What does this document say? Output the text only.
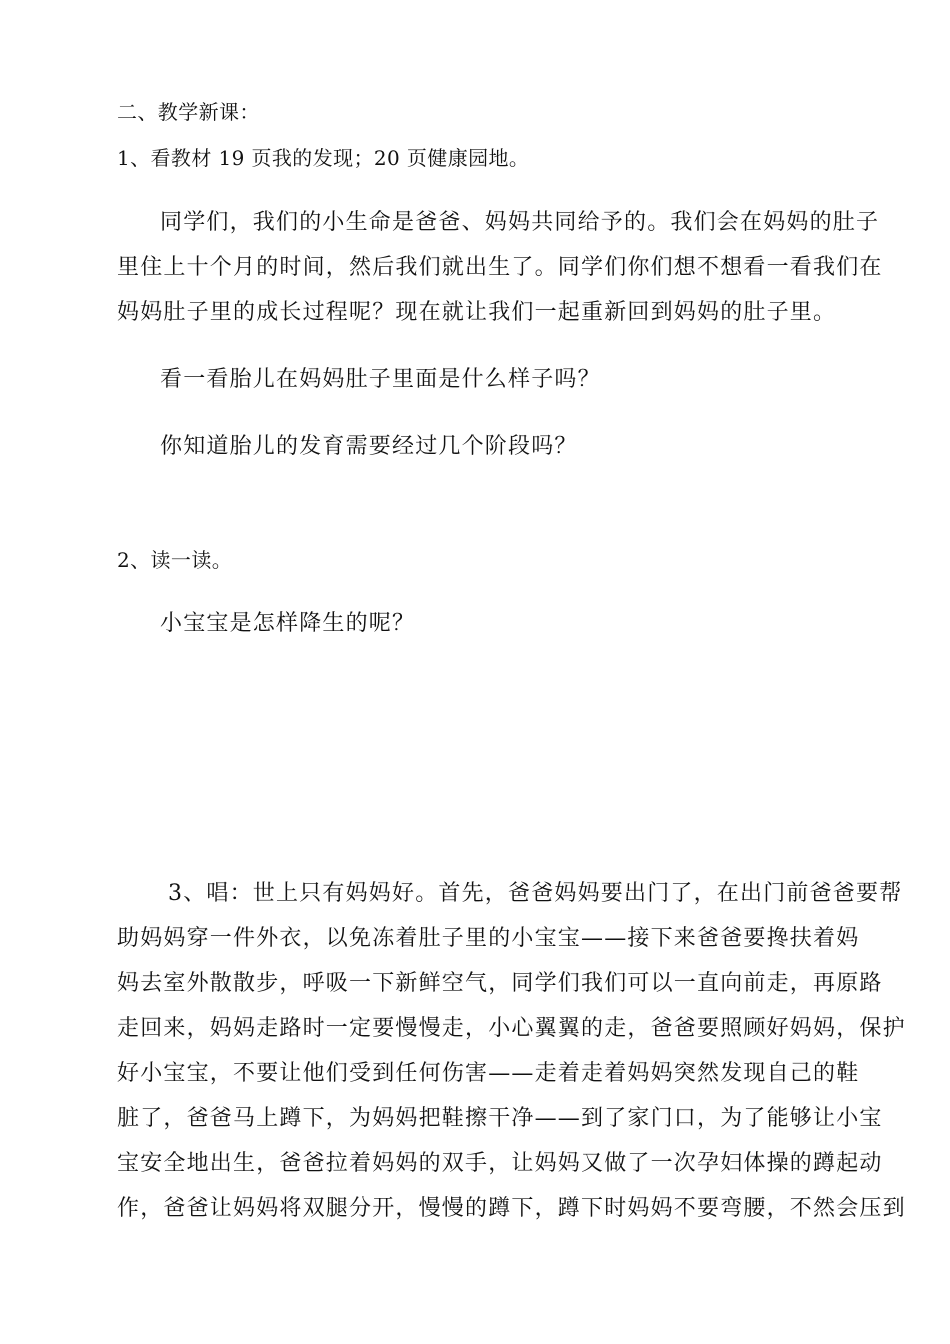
二、教学新课：
1、看教材 19 页我的发现；20 页健康园地。
同学们，我们的小生命是爸爸、妈妈共同给予的。我们会在妈妈的肚子
里住上十个月的时间，然后我们就出生了。同学们你们想不想看一看我们在
妈妈肚子里的成长过程呢？现在就让我们一起重新回到妈妈的肚子里。
看一看胎儿在妈妈肚子里面是什么样子吗？
你知道胎儿的发育需要经过几个阶段吗？
2、读一读。
小宝宝是怎样降生的呢？
3、唱：世上只有妈妈好。首先，爸爸妈妈要出门了，在出门前爸爸要帮
助妈妈穿一件外衣，以免冻着肚子里的小宝宝——接下来爸爸要搀扶着妈
妈去室外散散步，呼吸一下新鲜空气，同学们我们可以一直向前走，再原路
走回来，妈妈走路时一定要慢慢走，小心翼翼的走，爸爸要照顾好妈妈，保护
好小宝宝，不要让他们受到任何伤害——走着走着妈妈突然发现自己的鞋
脏了，爸爸马上蹲下，为妈妈把鞋擦干净——到了家门口，为了能够让小宝
宝安全地出生，爸爸拉着妈妈的双手，让妈妈又做了一次孕妇体操的蹲起动
作，爸爸让妈妈将双腿分开，慢慢的蹲下，蹲下时妈妈不要弯腰，不然会压到
